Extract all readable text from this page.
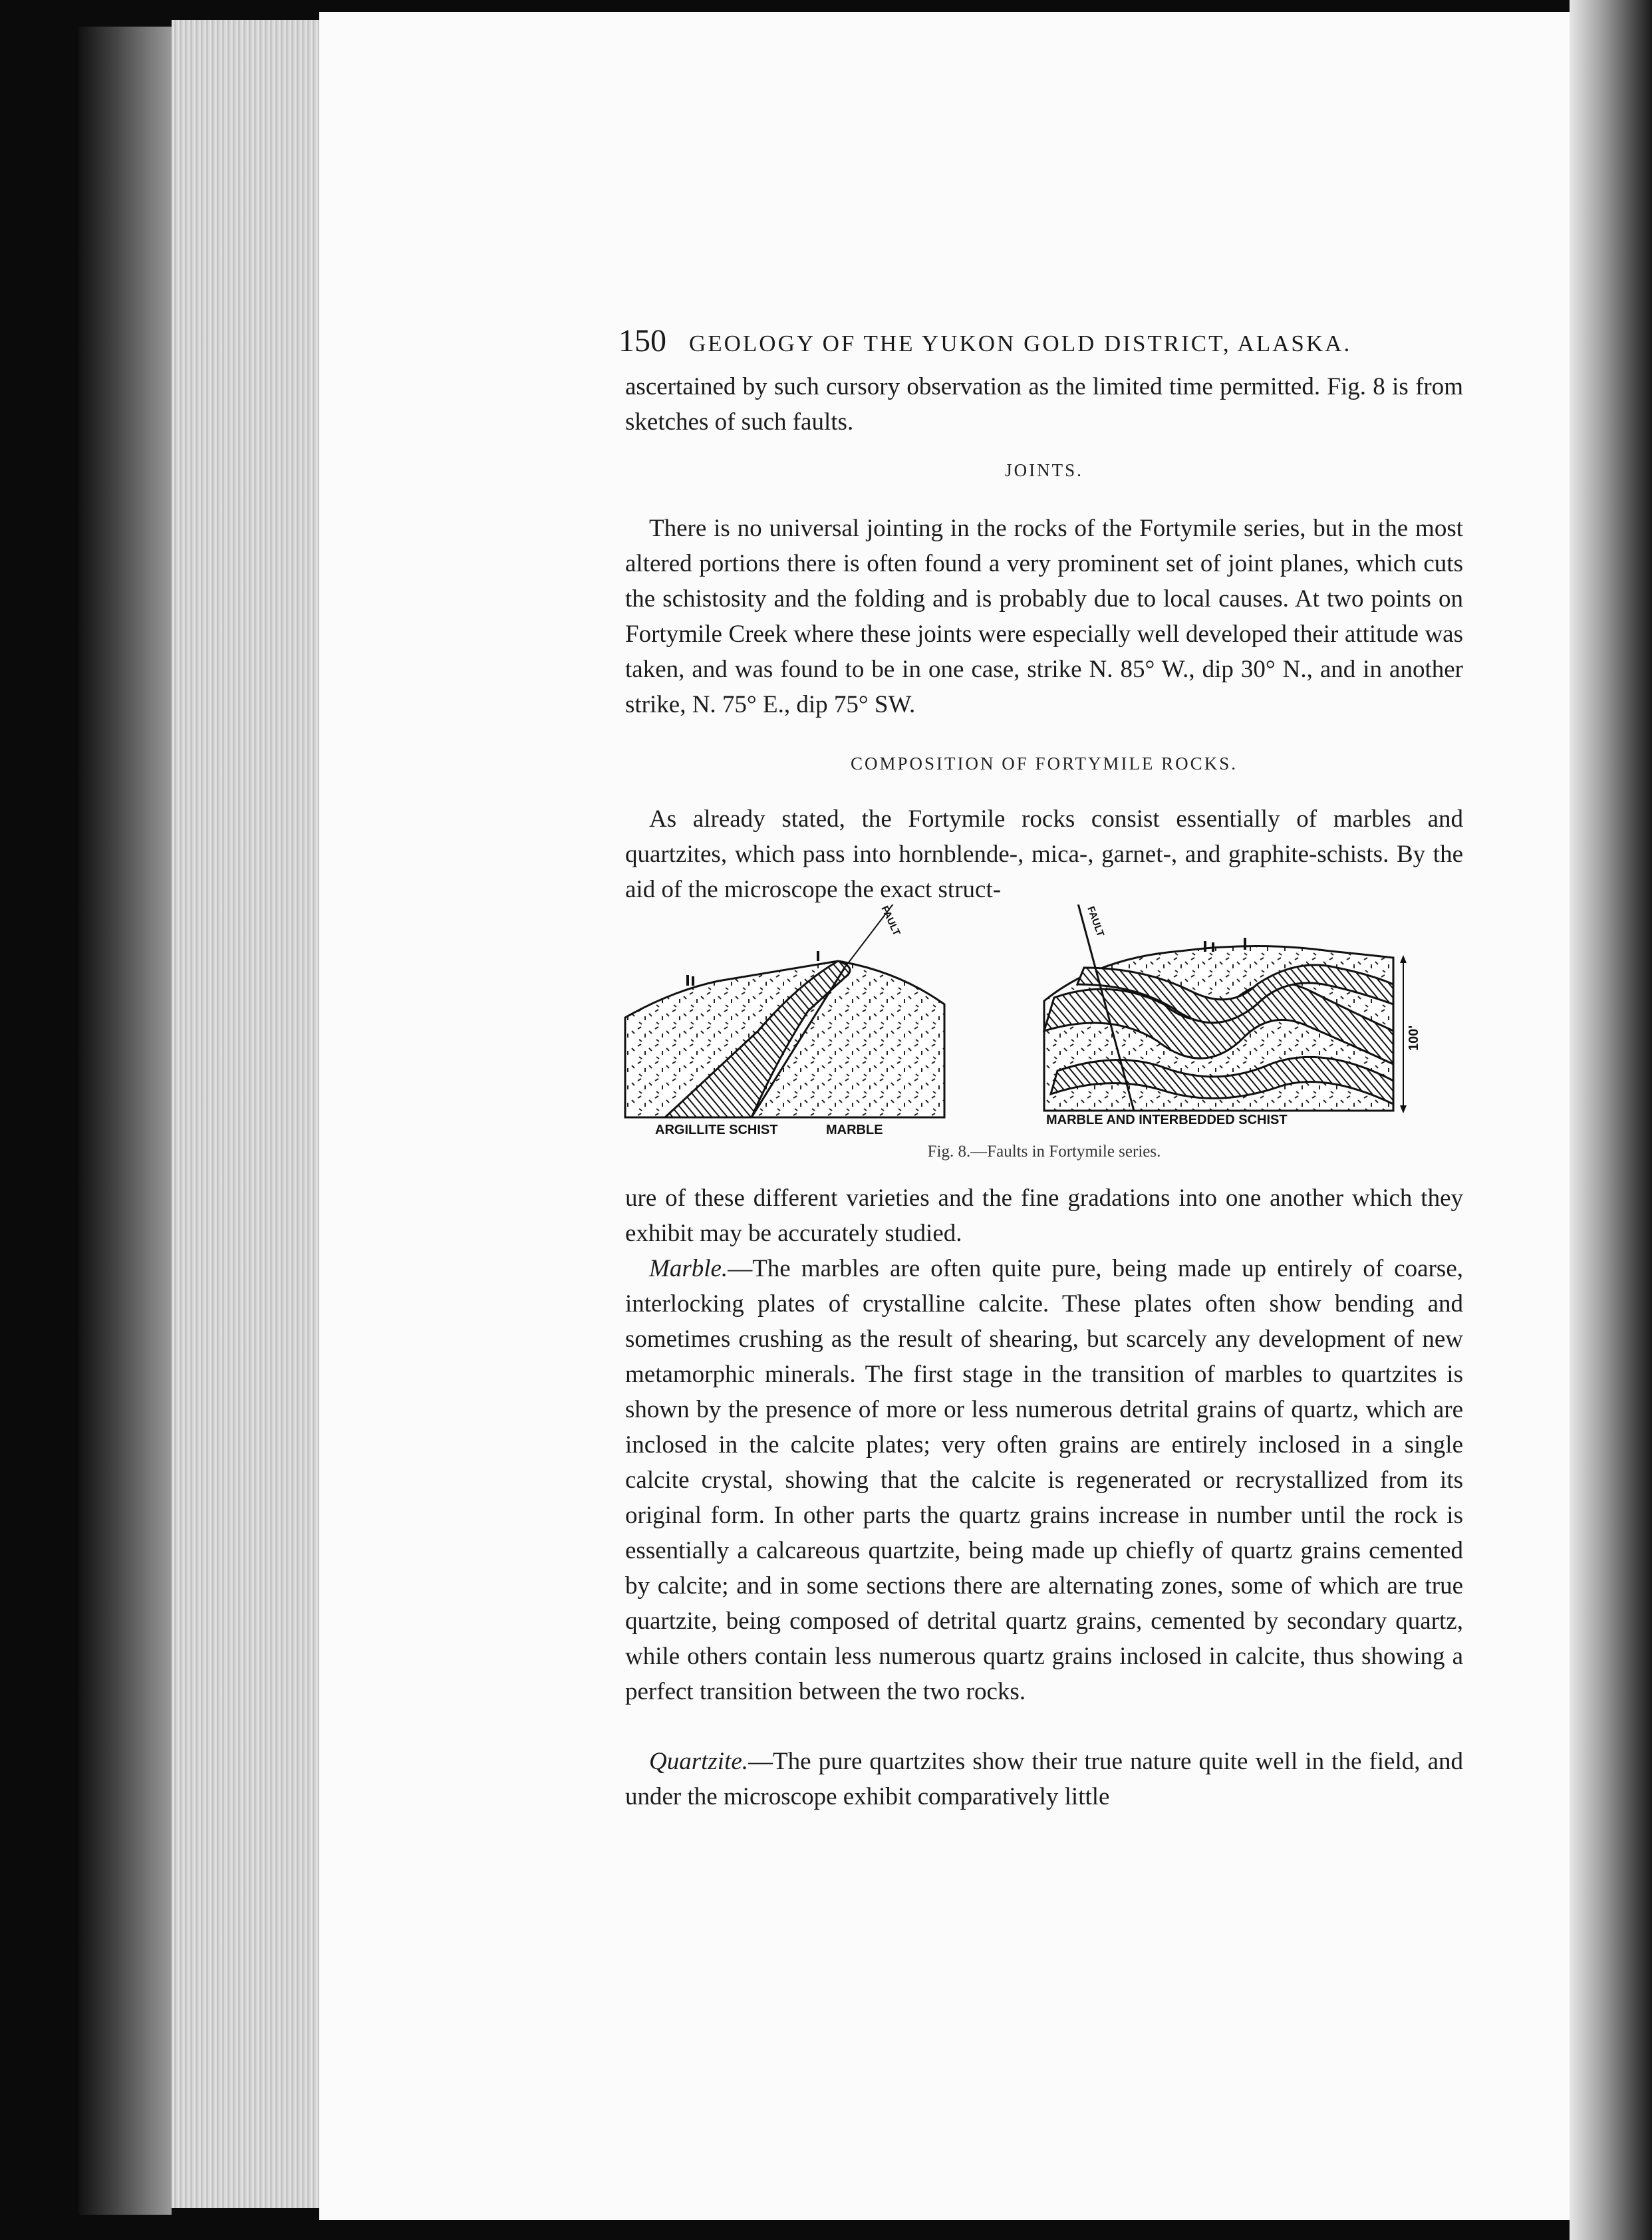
150 GEOLOGY OF THE YUKON GOLD DISTRICT, ALASKA.
ascertained by such cursory observation as the limited time permitted. Fig. 8 is from sketches of such faults.
JOINTS.
There is no universal jointing in the rocks of the Fortymile series, but in the most altered portions there is often found a very prominent set of joint planes, which cuts the schistosity and the folding and is probably due to local causes. At two points on Fortymile Creek where these joints were especially well developed their attitude was taken, and was found to be in one case, strike N. 85° W., dip 30° N., and in another strike, N. 75° E., dip 75° SW.
COMPOSITION OF FORTYMILE ROCKS.
As already stated, the Fortymile rocks consist essentially of marbles and quartzites, which pass into hornblende-, mica-, garnet-, and graphite-schists. By the aid of the microscope the exact struct-
FAULT
ARGILLITE SCHIST	MARBLE
100'
FAULT
MARBLE AND INTERBEDDED SCHIST
Fig. 8.—Faults in Fortymile series.
ure of these different varieties and the fine gradations into one another which they exhibit may be accurately studied.
Marble.—The marbles are often quite pure, being made up entirely of coarse, interlocking plates of crystalline calcite. These plates often show bending and sometimes crushing as the result of shearing, but scarcely any development of new metamorphic minerals. The first stage in the transition of marbles to quartzites is shown by the presence of more or less numerous detrital grains of quartz, which are inclosed in the calcite plates; very often grains are entirely inclosed in a single calcite crystal, showing that the calcite is regenerated or recrystallized from its original form. In other parts the quartz grains increase in number until the rock is essentially a calcareous quartzite, being made up chiefly of quartz grains cemented by calcite; and in some sections there are alternating zones, some of which are true quartzite, being composed of detrital quartz grains, cemented by secondary quartz, while others contain less numerous quartz grains inclosed in calcite, thus showing a perfect transition between the two rocks.
Quartzite.—The pure quartzites show their true nature quite well in the field, and under the microscope exhibit comparatively little
